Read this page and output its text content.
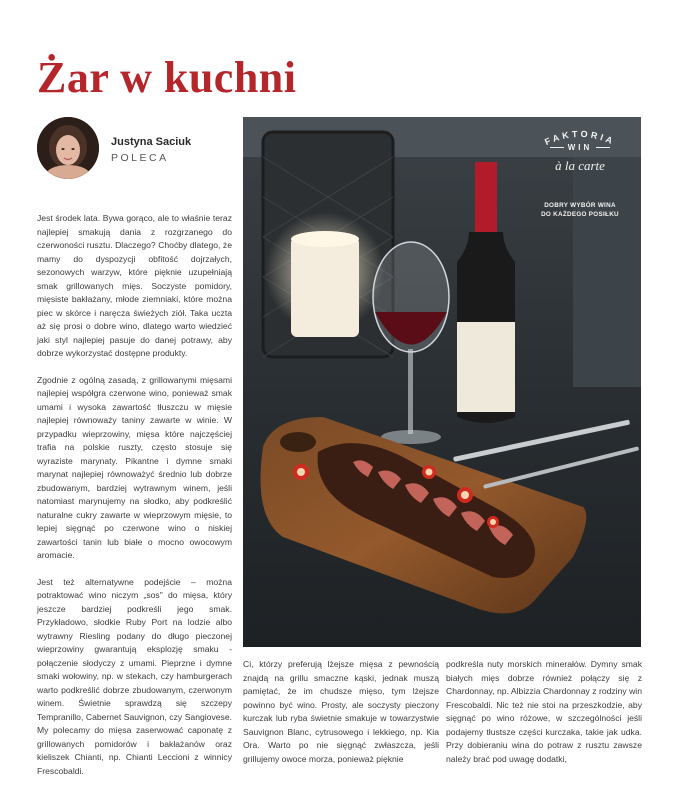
Żar w kuchni
Justyna Saciuk
POLECA

Jest środek lata. Bywa gorąco, ale to właśnie teraz najlepiej smakują dania z rozgrzanego do czerwoności rusztu. Dlaczego? Choćby dlatego, że mamy do dyspozycji obfitość dojrzałych, sezonowych warzyw, które pięknie uzupełniają smak grillowanych mięs. Soczyste pomidory, mięsiste bakłażany, młode ziemniaki, które można piec w skórce i naręcza świeżych ziół. Taka uczta aż się prosi o dobre wino, dlatego warto wiedzieć jaki styl najlepiej pasuje do danej potrawy, aby dobrze wykorzystać dostępne produkty.

Zgodnie z ogólną zasadą, z grillowanymi mięsami najlepiej współgra czerwone wino, ponieważ smak umami i wysoka zawartość tłuszczu w mięsie najlepiej równoważy taniny zawarte w winie. W przypadku wieprzowiny, mięsa które najczęściej trafia na polskie ruszty, często stosuje się wyraziste marynaty. Pikantne i dymne smaki marynat najlepiej równoważyć średnio lub dobrze zbudowanym, bardziej wytrawnym winem, jeśli natomiast marynujemy na słodko, aby podkreślić naturalne cukry zawarte w wieprzowym mięsie, to lepiej sięgnąć po czerwone wino o niskiej zawartości tanin lub białe o mocno owocowym aromacie.

Jest też alternatywne podejście – można potraktować wino niczym „sos" do mięsa, który jeszcze bardziej podkreśli jego smak. Przykładowo, słodkie Ruby Port na lodzie albo wytrawny Riesling podany do długo pieczonej wieprzowiny gwarantują eksplozję smaku - połączenie słodyczy z umami. Pieprzne i dymne smaki wołowiny, np. w stekach, czy hamburgerach warto podkreślić dobrze zbudowanym, czerwonym winem. Świetnie sprawdzą się szczepy Tempranillo, Cabernet Sauvignon, czy Sangiovese. My polecamy do mięsa zaserwować caponatę z grillowanych pomidorów i bakłażanów oraz kieliszek Chianti, np. Chianti Leccioni z winnicy Frescobaldi.

FAKTORIA
WIN
à la carte
DOBRY WYBÓR WINA
DO KAŻDEGO POSIŁKU

Ci, którzy preferują lżejsze mięsa z pewnością znajdą na grillu smaczne kąski, jednak muszą pamiętać, że im chudsze mięso, tym lżejsze powinno być wino. Prosty, ale soczysty pieczony kurczak lub ryba świetnie smakuje w towarzystwie Sauvignon Blanc, cytrusowego i lekkiego, np. Kia Ora. Warto po nie sięgnąć zwłaszcza, jeśli grillujemy owoce morza, ponieważ pięknie

podkreśla nuty morskich minerałów. Dymny smak białych mięs dobrze również połączy się z Chardonnay, np. Albizzia Chardonnay z rodziny win Frescobaldi. Nic też nie stoi na przeszkodzie, aby sięgnąć po wino różowe, w szczególności jeśli podajemy tłustsze części kurczaka, takie jak udka. Przy dobieraniu wina do potraw z rusztu zawsze należy brać pod uwagę dodatki,
